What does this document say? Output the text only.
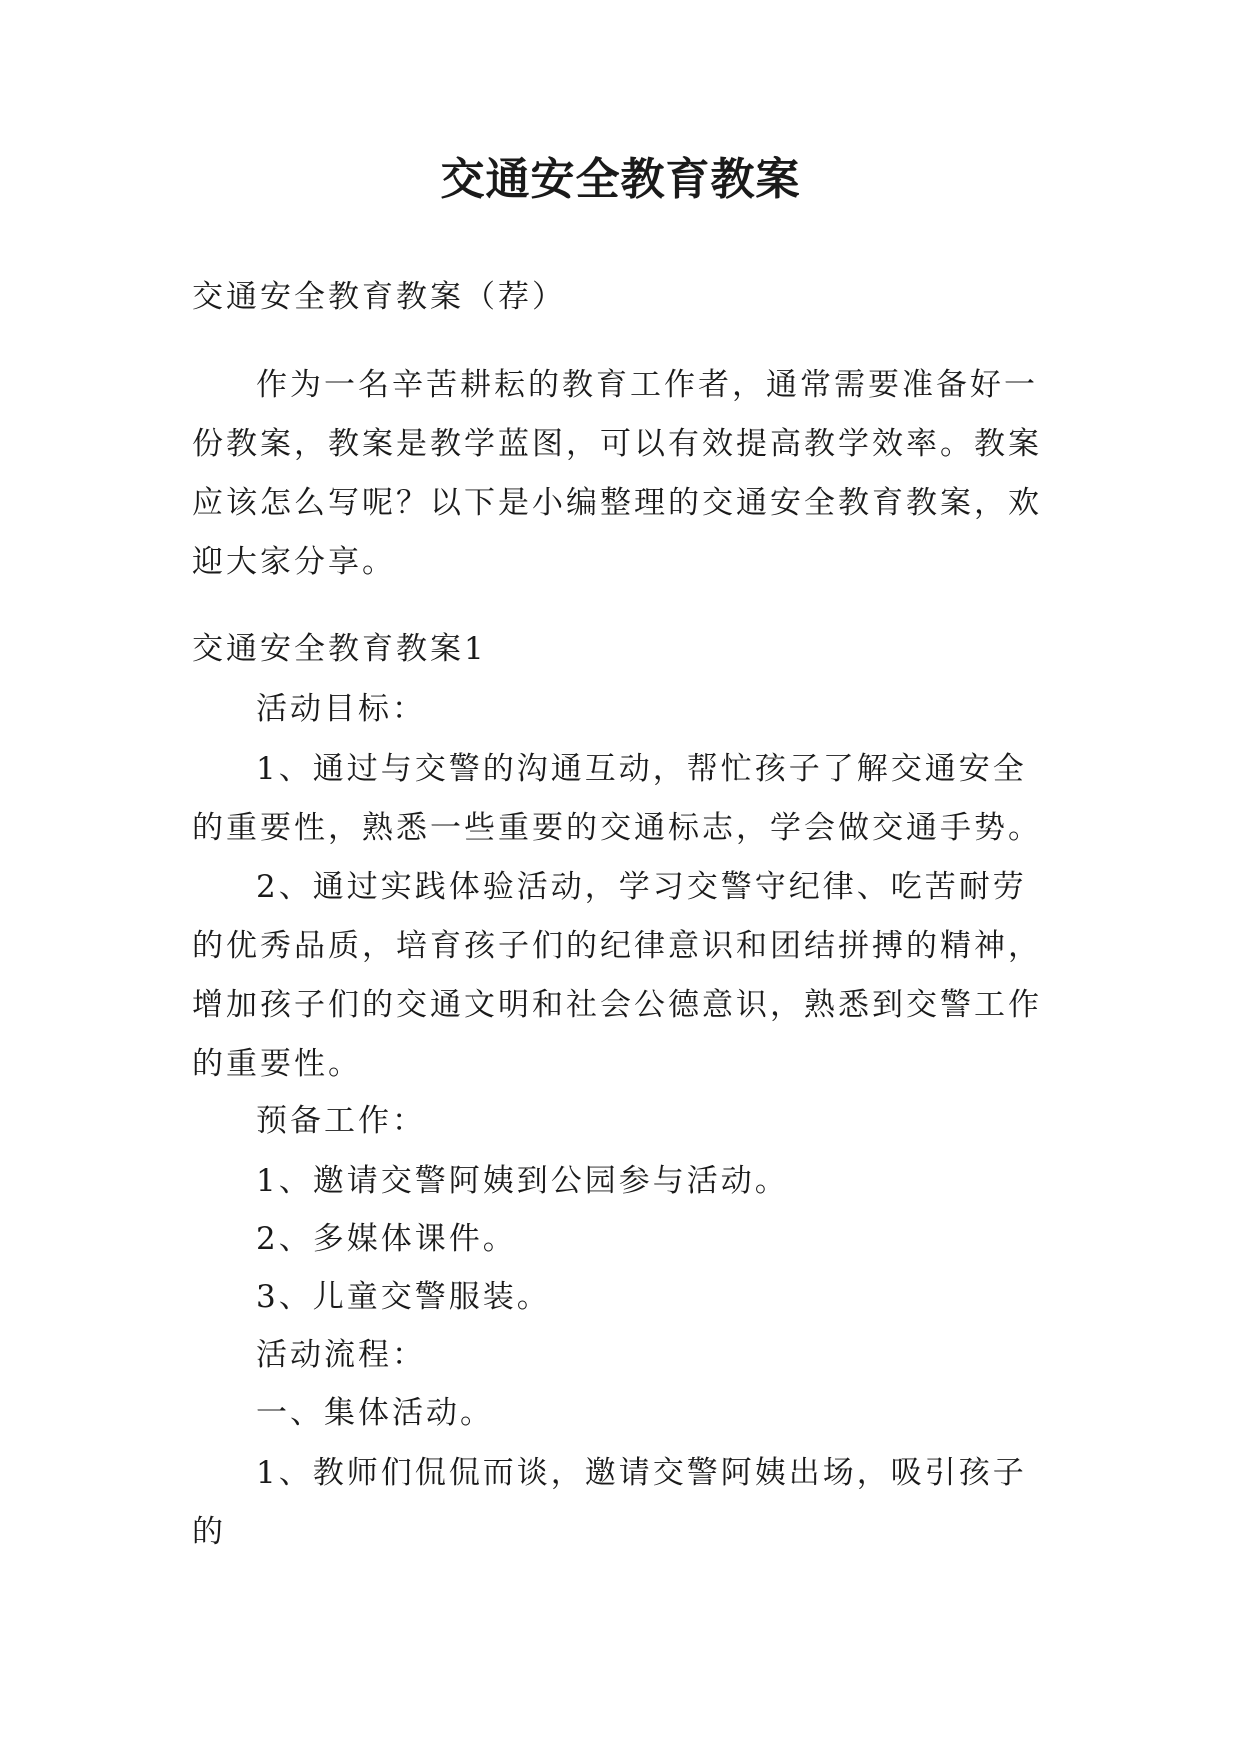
交通安全教育教案

交通安全教育教案（荐）

作为一名辛苦耕耘的教育工作者，通常需要准备好一份教案，教案是教学蓝图，可以有效提高教学效率。教案应该怎么写呢？以下是小编整理的交通安全教育教案，欢迎大家分享。

交通安全教育教案1

活动目标：

1、通过与交警的沟通互动，帮忙孩子了解交通安全的重要性，熟悉一些重要的交通标志，学会做交通手势。

2、通过实践体验活动，学习交警守纪律、吃苦耐劳的优秀品质，培育孩子们的纪律意识和团结拼搏的精神，增加孩子们的交通文明和社会公德意识，熟悉到交警工作的重要性。

预备工作：

1、邀请交警阿姨到公园参与活动。

2、多媒体课件。

3、儿童交警服装。

活动流程：

一、集体活动。

1、教师们侃侃而谈，邀请交警阿姨出场，吸引孩子的
